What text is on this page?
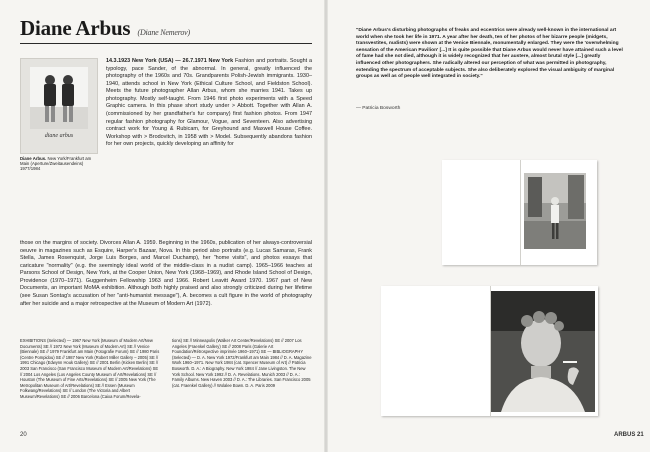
Diane Arbus (Diane Nemerov)
diane arbus
Diane Arbus. New York/Frankfurt am Main (Aperture/Zweitausendeins) 1977/1984

14.3.1923 New York (USA) — 26.7.1971 New York Fashion and portraits. Sought a typology, pace Sander, of the abnormal. In general, greatly influenced the photography of the 1960s and 70s. Grandparents Polish-Jewish immigrants. 1930–1940, attends school in New York (Ethical Culture School, and Fieldston School). Meets the future photographer Allan Arbus, whom she marries 1941. Takes up photography. Mostly self-taught. From 1946 first photo experiments with a Speed Graphic camera. In this phase short study under > Abbott. Together with Allan A. (commissioned by her grandfather's fur company) first fashion photos. From 1947 regular fashion photography for Glamour, Vogue, and Seventeen. Also advertising contract work for Young & Rubicam, for Greyhound and Maxwell House Coffee. Workshop with > Brodovitch, in 1958 with > Model. Subsequently abandons fashion for her own projects, quickly developing an affinity for

those on the margins of society. Divorces Allan A. 1959. Beginning in the 1960s, publication of her always-controversial oeuvre in magazines such as Esquire, Harper's Bazaar, Nova. In this period also portraits (e.g. Lucas Samaras, Frank Stella, James Rosenquist, Jorge Luis Borges, and Marcel Duchamp), her "home visits", and photos essays that caricature "normality" (e.g. the seemingly ideal world of the middle-class in a nudist camp). 1965–1966 teaches at Parsons School of Design, New York, at the Cooper Union, New York (1968–1969), and Rhode Island School of Design, Providence (1970–1971). Guggenheim Fellowship 1963 and 1966. Robert Leavitt Award 1970. 1967 part of New Documents, an important MoMA exhibition. Although both highly praised and also strongly criticized during her lifetime (see Susan Sontag's accusation of her "anti-humanist message"), A. becomes a cult figure in the world of photography after her suicide and a major retrospective at the Museum of Modern Art (1972).

EXHIBITIONS (Selected) — 1967 New York (Museum of Modern Art/New Documents) SE // 1972 New York (Museum of Modern Art) SE // Venice (Biennale) SE // 1979 Frankfurt am Main (Fotografie Forum) SE // 1980 Paris (Centre Pompidou) SE // 1987 New York (Robert Miller Gallery – 2005) SE // 1991 Chicago (Edwynn Houk Gallery) SE // 2001 Berlin (Kicken Berlin) SE // 2003 San Francisco (San Francisco Museum of Modern Art/Revelations) SE // 2004 Los Angeles (Los Angeles County Museum of Art/Revelations) SE // Houston (The Museum of Fine Arts/Revelations) SE // 2005 New York (The Metropolitan Museum of Art/Revelations) SE // Essen (Museum Folkwang/Revelations) SE // London (The Victoria and Albert Museum/Revelations) SE // 2006 Barcelona (Caixa Forum/Revela-

tions) SE // Minneapolis (Walker Art Center/Revelations) SE // 2007 Los Angeles (Fraenkel Gallery) SE // 2008 Paris (Galerie Art Foundation/Rétrospective imprimée 1960–1971) SE — BIBLIOGRAPHY (Selected) — D. A. New York 1972/Frankfurt am Main 1984 // D. A. Magazine Work 1960–1971. New York 1984 (cat. Spencer Museum of Art) // Patricia Bosworth. D. A.: A Biography. New York 1984 // Jane Livingston. The New York School. New York 1992 // D. A. Revelations. Munich 2003 // D. A.: Family Albums. New Haven 2003 // D. A.: The Libraries. San Francisco 2005 (cat. Fraenkel Gallery) // Wolalee Bown. D. A. Paris 2009

20

"Diane Arbus's disturbing photographs of freaks and eccentrics were already well-known in the international art world when she took her life in 1971. A year after her death, ten of her photos of her bizarre people (midgets, transvestites, nudists) were shown at the Venice Biennale, monumentally enlarged. They were the 'overwhelming sensation of the American Pavilion' [...] It is quite possible that Diane Arbus would never have attained such a level of fame had she not died, although it is widely recognized that her austere, almost brutal style [...] greatly influenced other photographers. She radically altered our perception of what was permitted in photography, extending the spectrum of acceptable subjects. She also deliberately explored the visual ambiguity of marginal groups as well as of people well integrated in society."

— Patricia Bosworth
ARBUS 21
